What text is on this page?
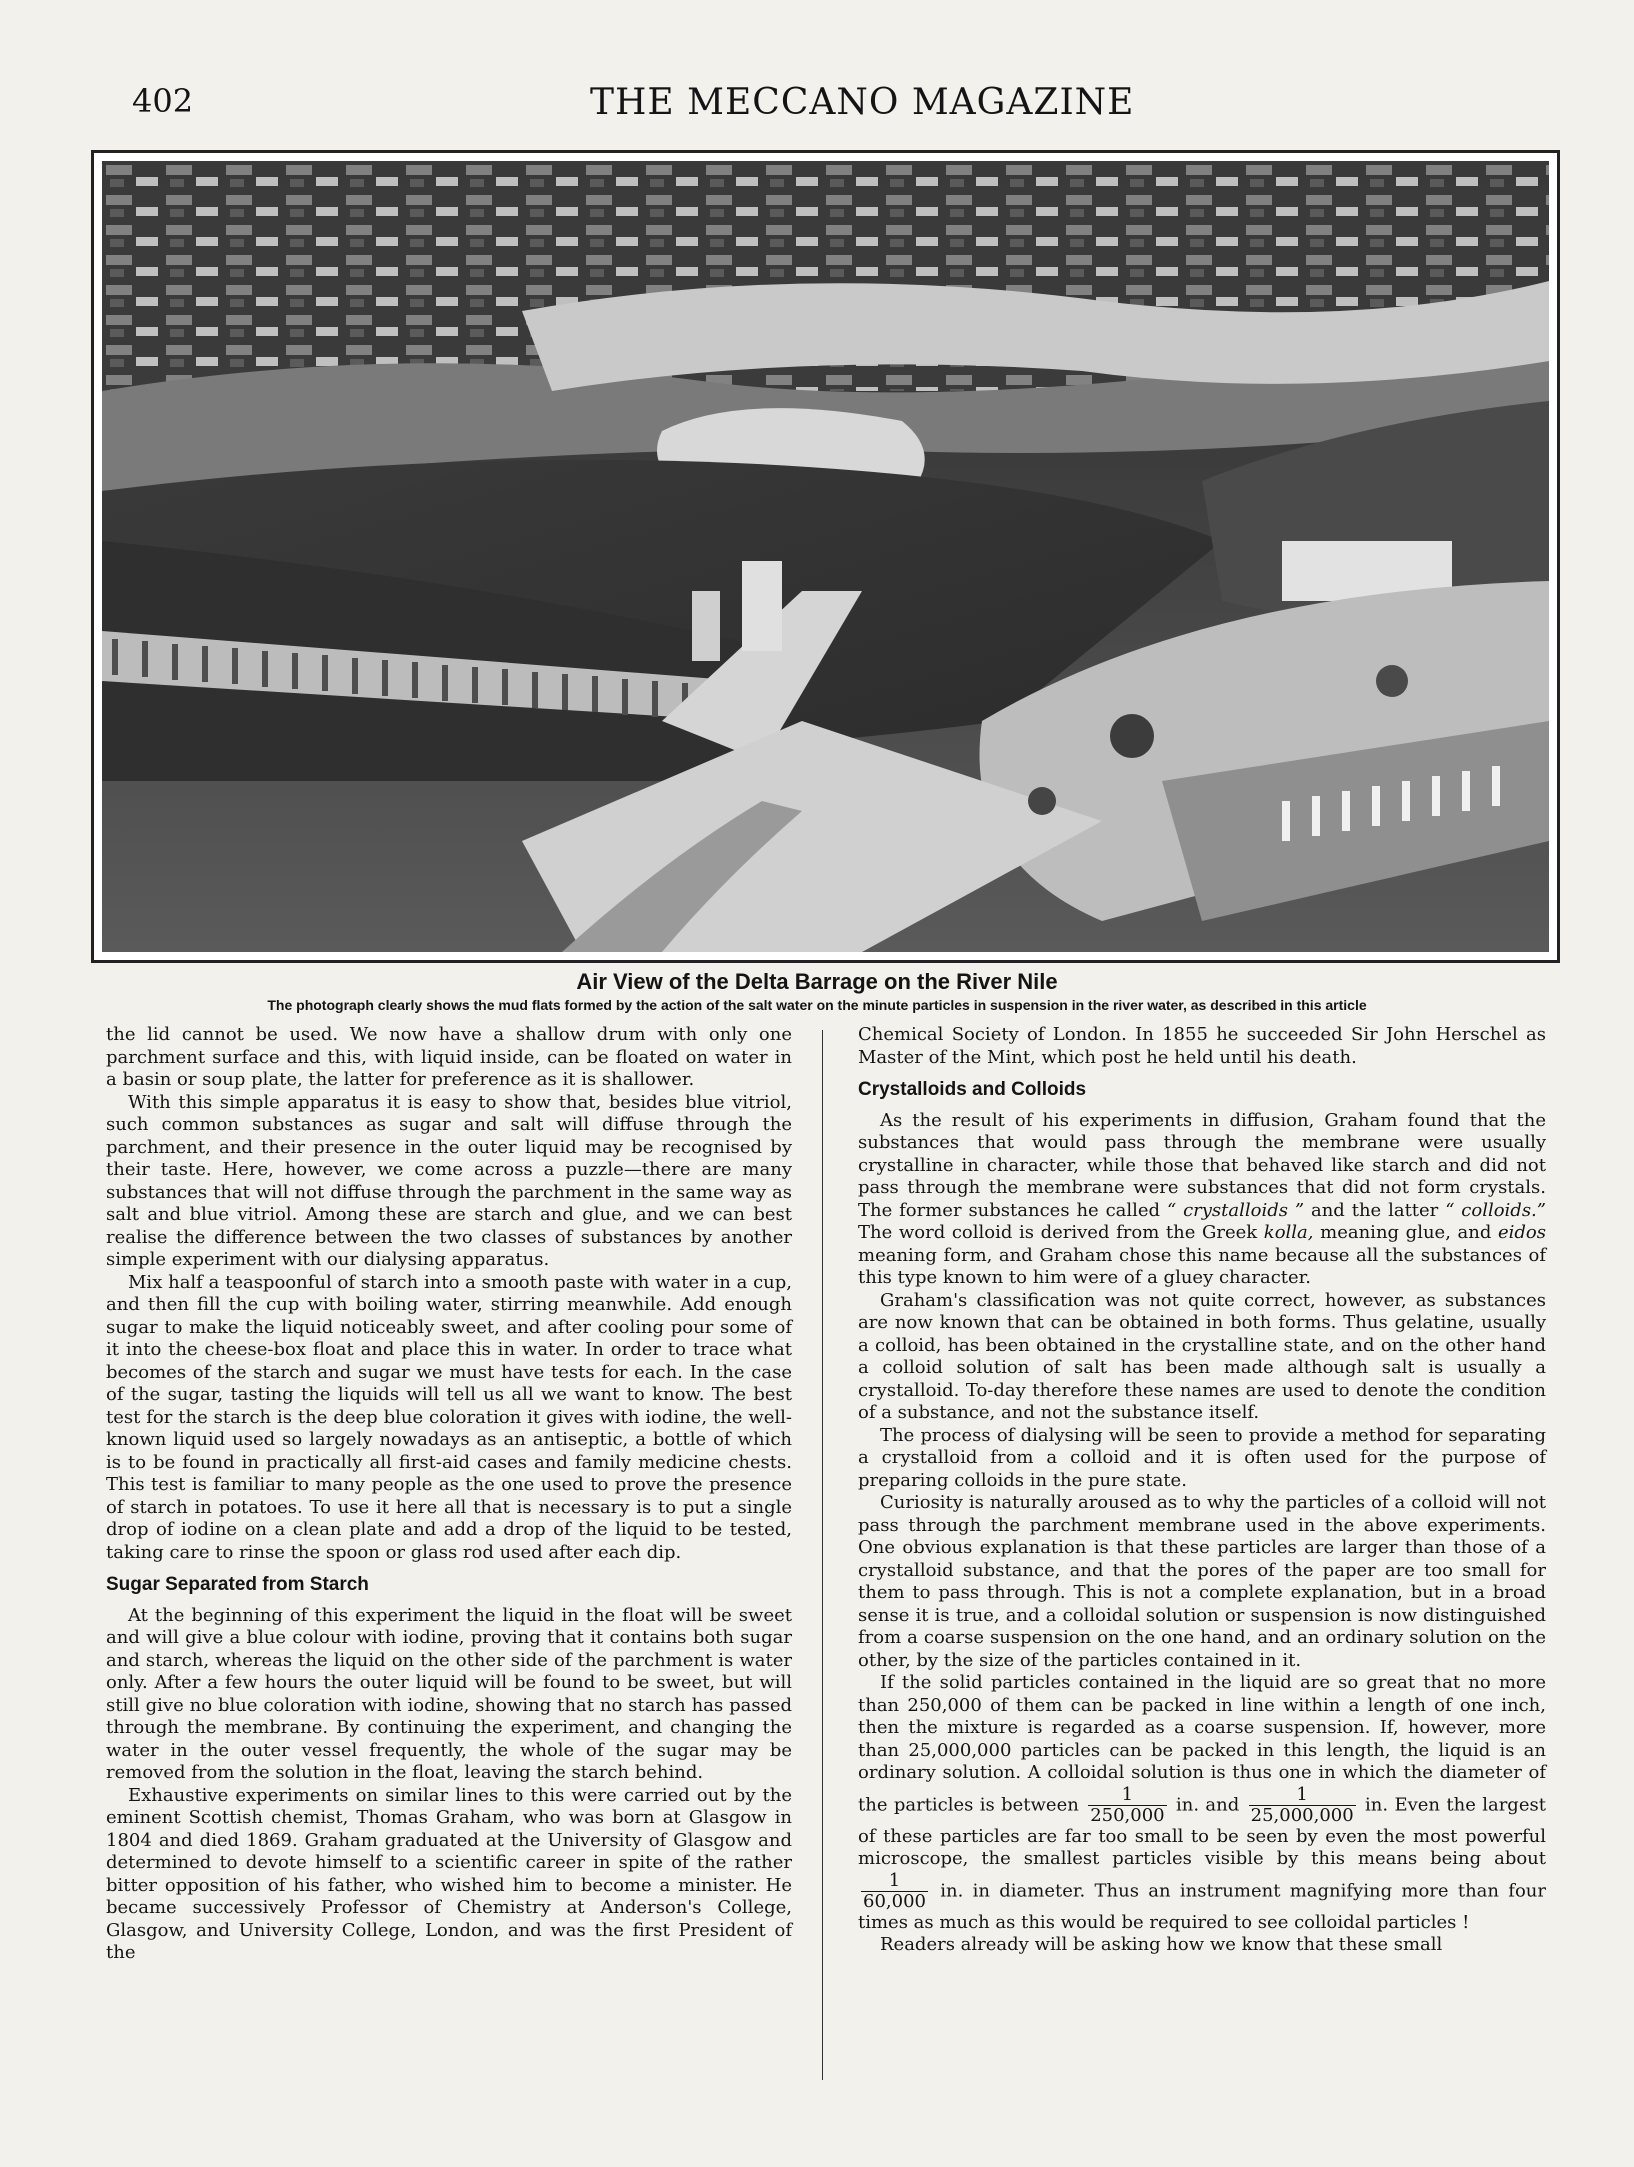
402	THE MECCANO MAGAZINE
Air View of the Delta Barrage on the River Nile
The photograph clearly shows the mud flats formed by the action of the salt water on the minute particles in suspension in the river water, as described in this article

the lid cannot be used. We now have a shallow drum with only one parchment surface and this, with liquid inside, can be floated on water in a basin or soup plate, the latter for preference as it is shallower.

With this simple apparatus it is easy to show that, besides blue vitriol, such common substances as sugar and salt will diffuse through the parchment, and their presence in the outer liquid may be recognised by their taste. Here, however, we come across a puzzle—there are many substances that will not diffuse through the parchment in the same way as salt and blue vitriol. Among these are starch and glue, and we can best realise the difference between the two classes of substances by another simple experiment with our dialysing apparatus.

Mix half a teaspoonful of starch into a smooth paste with water in a cup, and then fill the cup with boiling water, stirring meanwhile. Add enough sugar to make the liquid noticeably sweet, and after cooling pour some of it into the cheese-box float and place this in water. In order to trace what becomes of the starch and sugar we must have tests for each. In the case of the sugar, tasting the liquids will tell us all we want to know. The best test for the starch is the deep blue coloration it gives with iodine, the well-known liquid used so largely nowadays as an antiseptic, a bottle of which is to be found in practically all first-aid cases and family medicine chests. This test is familiar to many people as the one used to prove the presence of starch in potatoes. To use it here all that is necessary is to put a single drop of iodine on a clean plate and add a drop of the liquid to be tested, taking care to rinse the spoon or glass rod used after each dip.

Sugar Separated from Starch

At the beginning of this experiment the liquid in the float will be sweet and will give a blue colour with iodine, proving that it contains both sugar and starch, whereas the liquid on the other side of the parchment is water only. After a few hours the outer liquid will be found to be sweet, but will still give no blue coloration with iodine, showing that no starch has passed through the membrane. By continuing the experiment, and changing the water in the outer vessel frequently, the whole of the sugar may be removed from the solution in the float, leaving the starch behind.

Exhaustive experiments on similar lines to this were carried out by the eminent Scottish chemist, Thomas Graham, who was born at Glasgow in 1804 and died 1869. Graham graduated at the University of Glasgow and determined to devote himself to a scientific career in spite of the rather bitter opposition of his father, who wished him to become a minister. He became successively Professor of Chemistry at Anderson's College, Glasgow, and University College, London, and was the first President of the

Chemical Society of London. In 1855 he succeeded Sir John Herschel as Master of the Mint, which post he held until his death.

Crystalloids and Colloids

As the result of his experiments in diffusion, Graham found that the substances that would pass through the membrane were usually crystalline in character, while those that behaved like starch and did not pass through the membrane were substances that did not form crystals. The former substances he called “ crystalloids ” and the latter “ colloids.” The word colloid is derived from the Greek kolla, meaning glue, and eidos meaning form, and Graham chose this name because all the substances of this type known to him were of a gluey character.

Graham's classification was not quite correct, however, as substances are now known that can be obtained in both forms. Thus gelatine, usually a colloid, has been obtained in the crystalline state, and on the other hand a colloid solution of salt has been made although salt is usually a crystalloid. To-day therefore these names are used to denote the condition of a substance, and not the substance itself.

The process of dialysing will be seen to provide a method for separating a crystalloid from a colloid and it is often used for the purpose of preparing colloids in the pure state.

Curiosity is naturally aroused as to why the particles of a colloid will not pass through the parchment membrane used in the above experiments. One obvious explanation is that these particles are larger than those of a crystalloid substance, and that the pores of the paper are too small for them to pass through. This is not a complete explanation, but in a broad sense it is true, and a colloidal solution or suspension is now distinguished from a coarse suspension on the one hand, and an ordinary solution on the other, by the size of the particles contained in it.

If the solid particles contained in the liquid are so great that no more than 250,000 of them can be packed in line within a length of one inch, then the mixture is regarded as a coarse suspension. If, however, more than 25,000,000 particles can be packed in this length, the liquid is an ordinary solution. A colloidal solution is thus one in which the diameter of the particles is between $\frac{1}{250,000}$ in. and $\frac{1}{25,000,000}$ in. Even the largest of these particles are far too small to be seen by even the most powerful microscope, the smallest particles visible by this means being about
$\frac{1}{60,000}$ in. in diameter. Thus an instrument magnifying more than four times as much as this would be required to see colloidal particles !

Readers already will be asking how we know that these small
